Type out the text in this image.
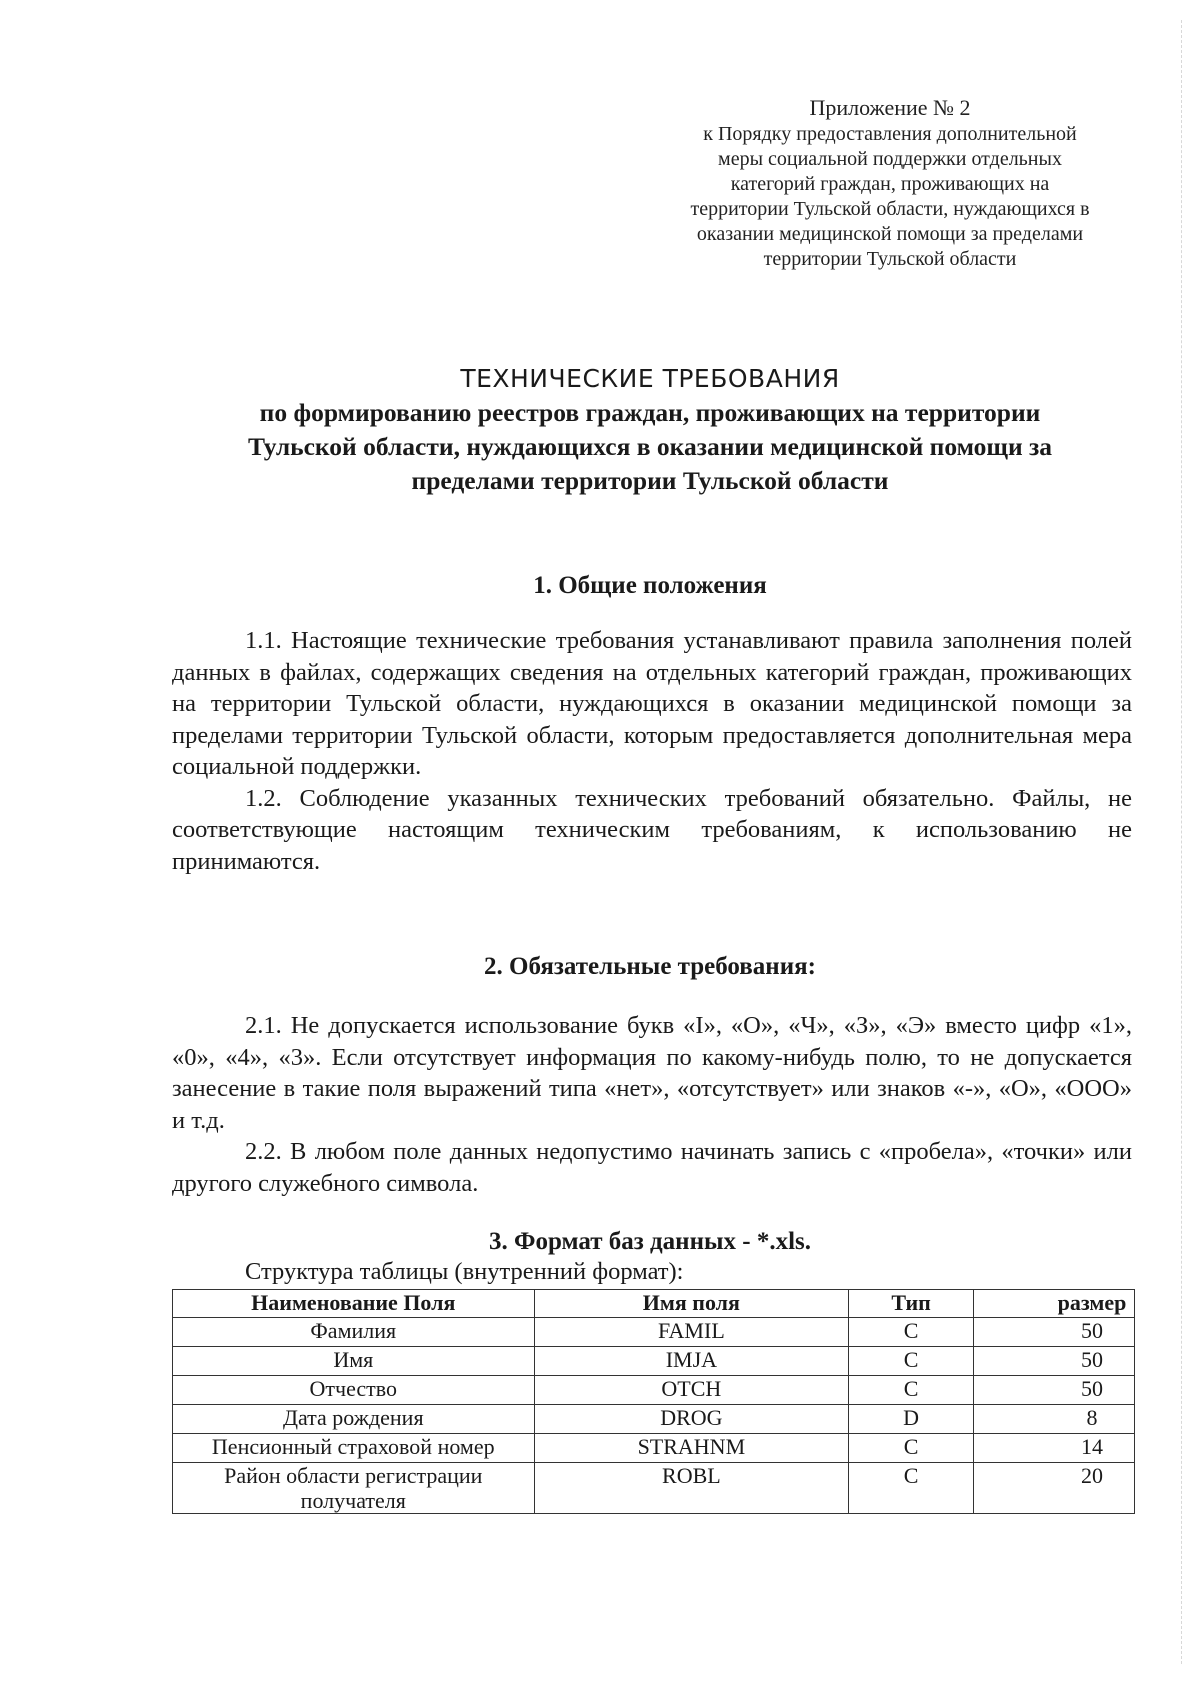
Приложение № 2
к Порядку предоставления дополнительной
меры социальной поддержки отдельных
категорий граждан, проживающих на
территории Тульской области, нуждающихся в
оказании медицинской помощи за пределами
территории Тульской области
ТЕХНИЧЕСКИЕ ТРЕБОВАНИЯ
по формированию реестров граждан, проживающих на территории
Тульской области, нуждающихся в оказании медицинской помощи за
пределами территории Тульской области
1. Общие положения

1.1. Настоящие технические требования устанавливают правила заполнения полей данных в файлах, содержащих сведения на отдельных категорий граждан, проживающих на территории Тульской области, нуждающихся в оказании медицинской помощи за пределами территории Тульской области, которым предоставляется дополнительная мера социальной поддержки.

1.2. Соблюдение указанных технических требований обязательно. Файлы, не соответствующие настоящим техническим требованиям, к использованию не принимаются.

2. Обязательные требования:

2.1. Не допускается использование букв «I», «О», «Ч», «З», «Э» вместо цифр «1», «0», «4», «3». Если отсутствует информация по какому-нибудь полю, то не допускается занесение в такие поля выражений типа «нет», «отсутствует» или знаков «-», «О», «ООО» и т.д.

2.2. В любом поле данных недопустимо начинать запись с «пробела», «точки» или другого служебного символа.

3. Формат баз данных - *.xls.
Структура таблицы (внутренний формат):
Наименование Поля	Имя поля	Тип	размер
Фамилия	FAMIL	C	50
Имя	IMJA	C	50
Отчество	OTCH	C	50
Дата рождения	DROG	D	8
Пенсионный страховой номер	STRAHNM	C	14
Район области регистрации получателя	ROBL	C	20
